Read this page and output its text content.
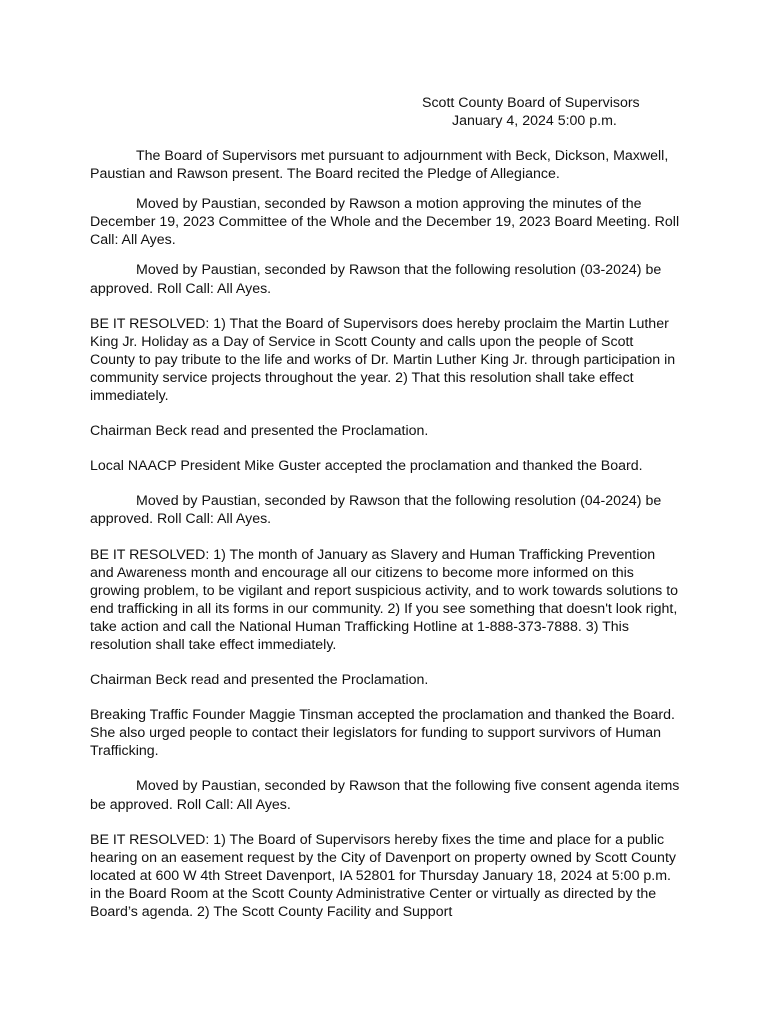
Scott County Board of Supervisors
January 4, 2024 5:00 p.m.

The Board of Supervisors met pursuant to adjournment with Beck, Dickson, Maxwell, Paustian and Rawson present. The Board recited the Pledge of Allegiance.

Moved by Paustian, seconded by Rawson a motion approving the minutes of the December 19, 2023 Committee of the Whole and the December 19, 2023 Board Meeting. Roll Call: All Ayes.

Moved by Paustian, seconded by Rawson that the following resolution (03-2024) be approved. Roll Call: All Ayes.

BE IT RESOLVED: 1) That the Board of Supervisors does hereby proclaim the Martin Luther King Jr. Holiday as a Day of Service in Scott County and calls upon the people of Scott County to pay tribute to the life and works of Dr. Martin Luther King Jr. through participation in community service projects throughout the year. 2) That this resolution shall take effect immediately.

Chairman Beck read and presented the Proclamation.

Local NAACP President Mike Guster accepted the proclamation and thanked the Board.

Moved by Paustian, seconded by Rawson that the following resolution (04-2024) be approved. Roll Call: All Ayes.

BE IT RESOLVED: 1) The month of January as Slavery and Human Trafficking Prevention and Awareness month and encourage all our citizens to become more informed on this growing problem, to be vigilant and report suspicious activity, and to work towards solutions to end trafficking in all its forms in our community. 2) If you see something that doesn't look right, take action and call the National Human Trafficking Hotline at 1-888-373-7888. 3) This resolution shall take effect immediately.

Chairman Beck read and presented the Proclamation.

Breaking Traffic Founder Maggie Tinsman accepted the proclamation and thanked the Board. She also urged people to contact their legislators for funding to support survivors of Human Trafficking.

Moved by Paustian, seconded by Rawson that the following five consent agenda items be approved. Roll Call: All Ayes.

BE IT RESOLVED: 1) The Board of Supervisors hereby fixes the time and place for a public hearing on an easement request by the City of Davenport on property owned by Scott County located at 600 W 4th Street Davenport, IA 52801 for Thursday January 18, 2024 at 5:00 p.m. in the Board Room at the Scott County Administrative Center or virtually as directed by the Board’s agenda. 2) The Scott County Facility and Support
